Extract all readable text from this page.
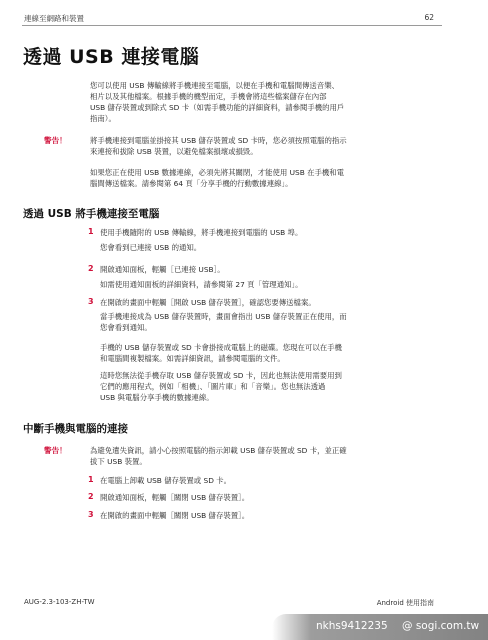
連線至網路和裝置	62
透過 USB 連接電腦
您可以使用 USB 傳輸線將手機連接至電腦，以便在手機和電腦間傳送音樂、
相片以及其他檔案。根據手機的機型而定，手機會將這些檔案儲存在內部
USB 儲存裝置或到除式 SD 卡（如需手機功能的詳細資料，請參閱手機的用戶
指南）。
警告！	將手機連接到電腦並掛接其 USB 儲存裝置或 SD 卡時，您必須按照電腦的指示
來連接和拔除 USB 裝置，以避免檔案損壞或損毀。
如果您正在使用 USB 數據連線，必須先將其關閉，才能使用 USB 在手機和電
腦間傳送檔案。請參閱第 64 頁「分享手機的行動數據連線」。
透過 USB 將手機連接至電腦
1 使用手機隨附的 USB 傳輸線，將手機連接到電腦的 USB 埠。
您會看到已連接 USB 的通知。
2 開啟通知面板，輕觸［已連接 USB］。
如需使用通知面板的詳細資料，請參閱第 27 頁「管理通知」。
3 在開啟的畫面中輕觸［開啟 USB 儲存裝置］，確認您要傳送檔案。
當手機連接成為 USB 儲存裝置時，畫面會指出 USB 儲存裝置正在使用，而
您會看到通知。
手機的 USB 儲存裝置或 SD 卡會掛接成電腦上的磁碟。您現在可以在手機
和電腦間複製檔案。如需詳細資訊，請參閱電腦的文件。
這時您無法從手機存取 USB 儲存裝置或 SD 卡，因此也無法使用需要用到
它們的應用程式，例如「相機」、「圖片庫」和「音樂」。您也無法透過
USB 與電腦分享手機的數據連線。
中斷手機與電腦的連接
警告！	為避免遺失資訊，請小心按照電腦的指示卸載 USB 儲存裝置或 SD 卡，並正確
拔下 USB 裝置。
1 在電腦上卸載 USB 儲存裝置或 SD 卡。
2 開啟通知面板，輕觸［關閉 USB 儲存裝置］。
3 在開啟的畫面中輕觸［關閉 USB 儲存裝置］。
AUG-2.3-103-ZH-TW	Android 使用指南
nkhs9412235 @ sogi.com.tw
